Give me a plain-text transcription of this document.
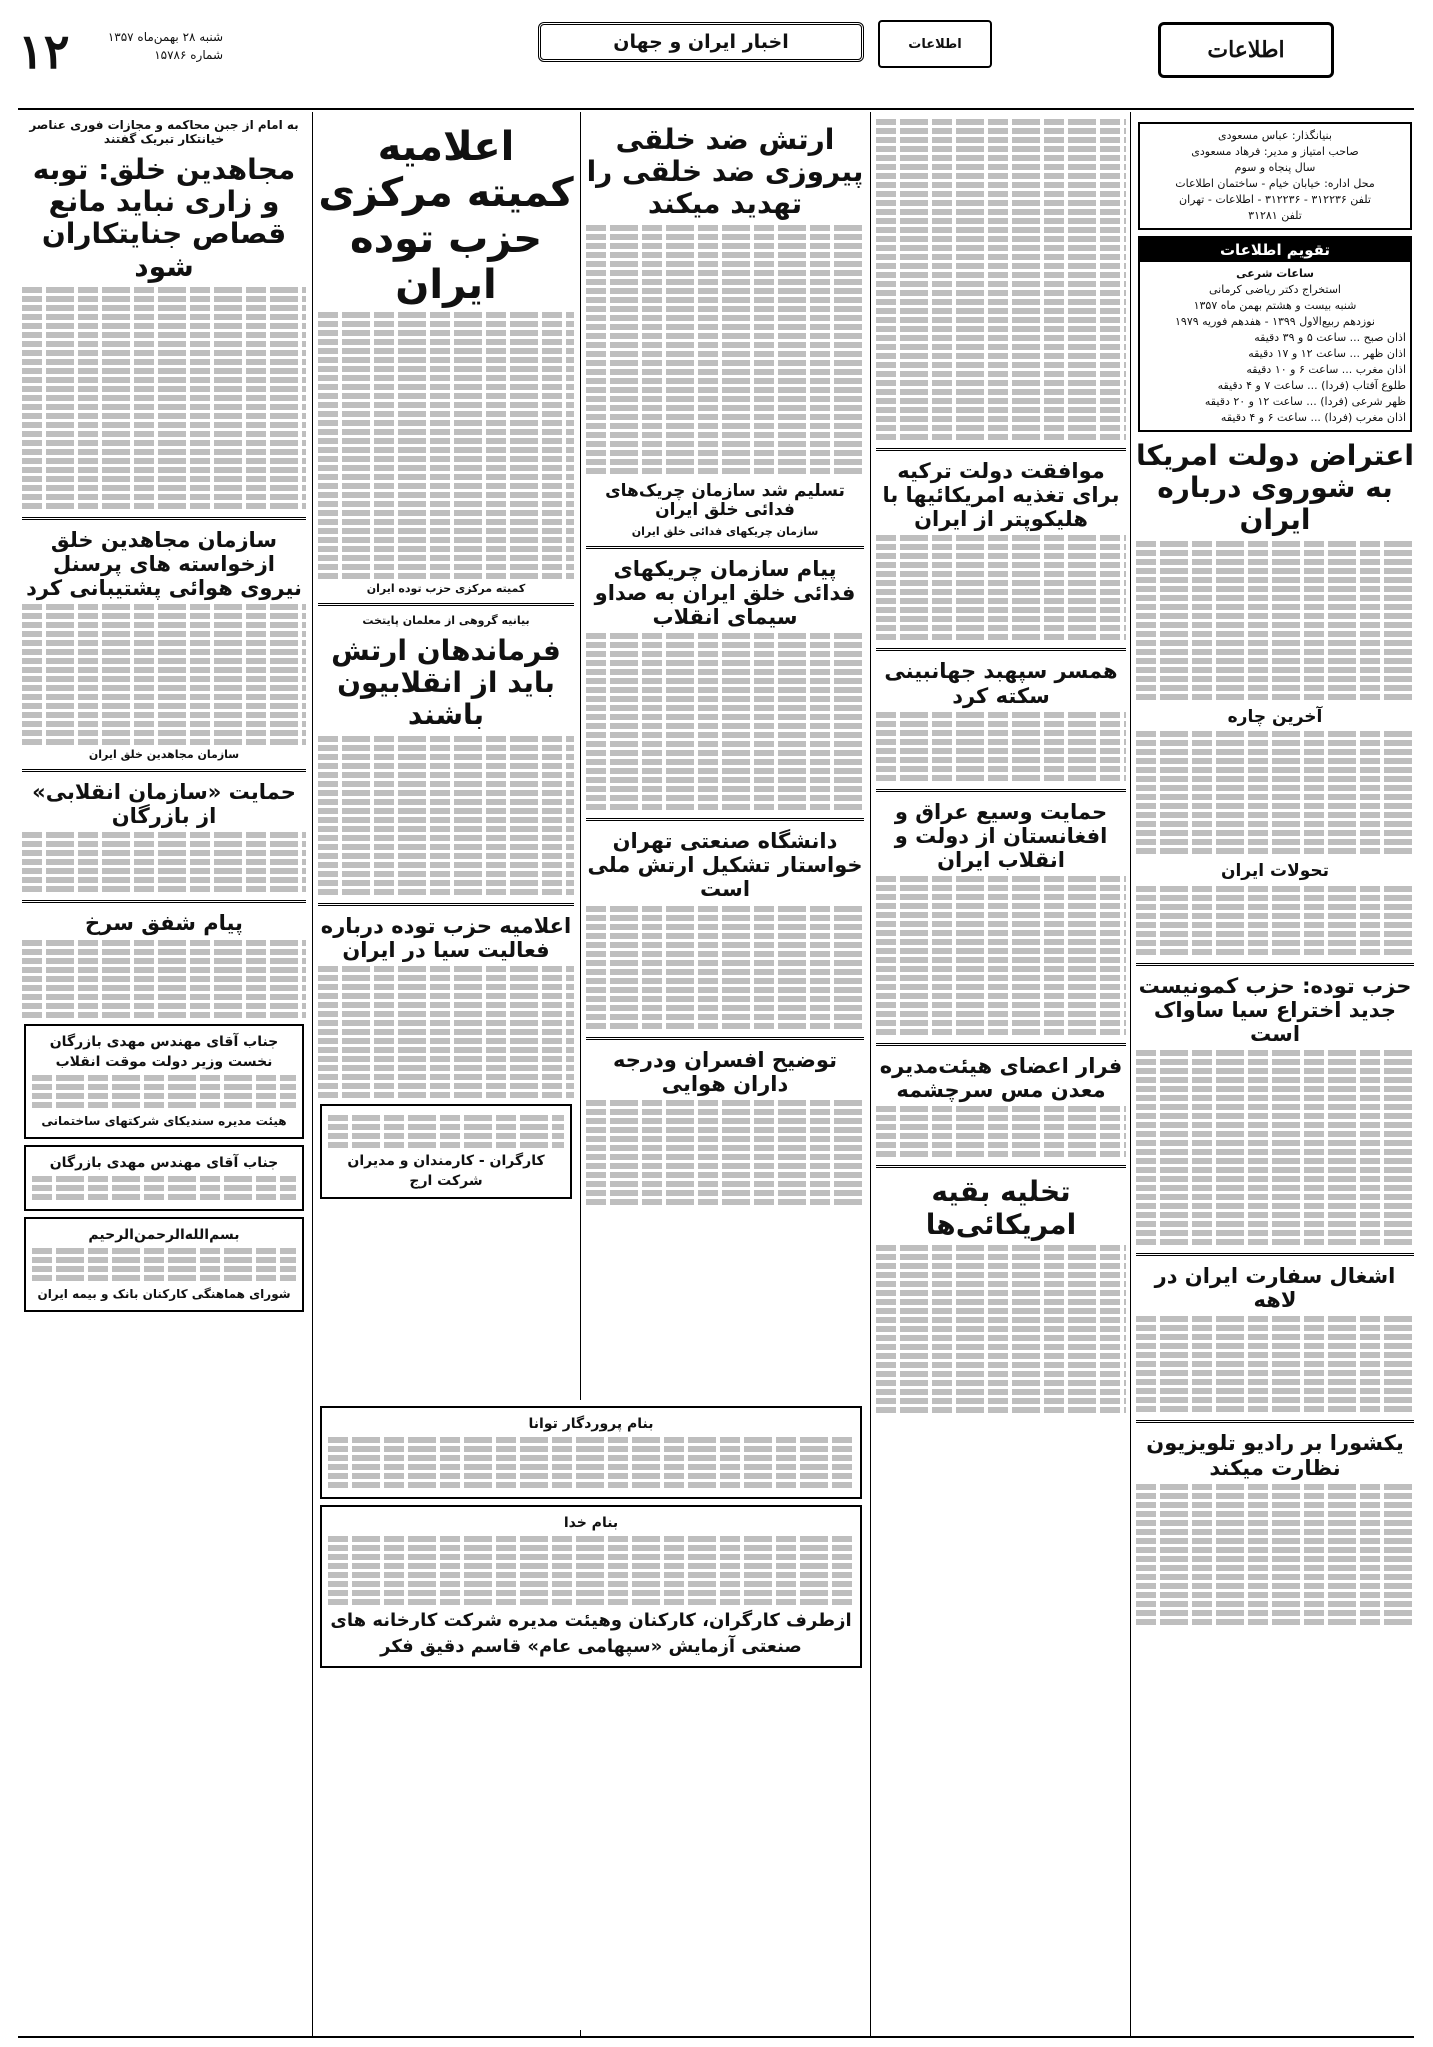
۱۲	شنبه ۲۸ بهمن‌ماه ۱۳۵۷
شماره ۱۵۷۸۶
اخبار ایران و جهان	اطلاعات	اطلاعات
بنیانگذار: عباس مسعودی
صاحب امتیاز و مدیر: فرهاد مسعودی
سال پنجاه و سوم
محل اداره: خیابان خیام - ساختمان اطلاعات
تلفن ۳۱۲۲۳۶ - ۳۱۲۲۳۶ - اطلاعات - تهران
تلفن ۳۱۲۸۱
تقویم اطلاعات
ساعات شرعی
استخراج دکتر ریاضی کرمانی
شنبه بیست و هشتم بهمن ماه ۱۳۵۷
نوزدهم ربیع‌الاول ۱۳۹۹ - هفدهم فوریه ۱۹۷۹
اذان صبح ... ساعت ۵ و ۳۹ دقیقه
اذان ظهر ... ساعت ۱۲ و ۱۷ دقیقه
اذان مغرب ... ساعت ۶ و ۱۰ دقیقه
طلوع آفتاب (فردا) ... ساعت ۷ و ۴ دقیقه
ظهر شرعی (فردا) ... ساعت ۱۲ و ۲۰ دقیقه
اذان مغرب (فردا) ... ساعت ۶ و ۴ دقیقه
اعتراض دولت امریکا به شوروی درباره ایران
آخرین چاره
تحولات ایران
حزب توده: حزب کمونیست جدید اختراع سیا ساواک است
اشغال سفارت ایران در لاهه
یکشورا بر رادیو تلویزیون نظارت میکند
ارتش ضد خلقی پیروزی ضد خلقی را تهدید میکند
تسلیم شد سازمان چریک‌های فدائی خلق ایران
سازمان چریکهای فدائی خلق ایران
پیام سازمان چریکهای فدائی خلق ایران به صداو سیمای انقلاب
دانشگاه صنعتی تهران خواستار تشکیل ارتش ملی است
توضیح افسران ودرجه داران هوایی
موافقت دولت ترکیه برای تغذیه امریکائیها با هلیکوپتر از ایران
همسر سپهبد جهانبینی سکته کرد
حمایت وسیع عراق و افغانستان از دولت و انقلاب ایران
فرار اعضای هیئت‌مدیره معدن مس سرچشمه
تخلیه بقیه امریکائی‌ها
اعلامیه کمیته مرکزی حزب توده ایران
کمیته مرکزی حزب توده ایران
بیانیه گروهی از معلمان پایتخت
فرماندهان ارتش باید از انقلابیون باشند
اعلامیه حزب توده درباره فعالیت سیا در ایران
کارگران - کارمندان و مدیران شرکت ارج
بنام پروردگار توانا
بنام خدا
ازطرف کارگران، کارکنان وهیئت مدیره شرکت کارخانه های صنعتی آزمایش «سپهامی عام» قاسم دقیق فکر
به امام از جبن محاکمه و مجازات فوری عناصر خیانتکار تبریک گفتند
مجاهدین خلق: توبه و زاری نباید مانع قصاص جنایتکاران شود
سازمان مجاهدین خلق ازخواسته های پرسنل نیروی هوائی پشتیبانی کرد
سازمان مجاهدین خلق ایران
حمایت «سازمان انقلابی» از بازرگان
پیام شفق سرخ
جناب آقای مهندس مهدی بازرگان نخست وزیر دولت موقت انقلاب
هیئت مدیره سندیکای شرکتهای ساختمانی
جناب آقای مهندس مهدی بازرگان
بسم‌الله‌الرحمن‌الرحیم
شورای هماهنگی کارکنان بانک و بیمه ایران
